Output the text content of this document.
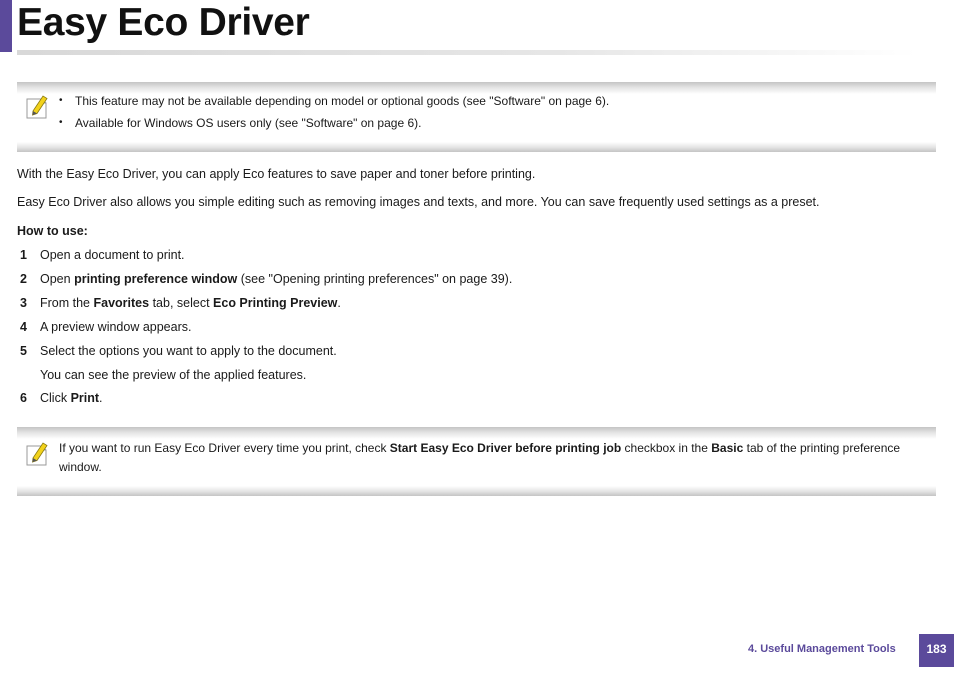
Easy Eco Driver
• This feature may not be available depending on model or optional goods (see "Software" on page 6).
• Available for Windows OS users only (see "Software" on page 6).

With the Easy Eco Driver, you can apply Eco features to save paper and toner before printing.

Easy Eco Driver also allows you simple editing such as removing images and texts, and more. You can save frequently used settings as a preset.

How to use:

1 Open a document to print.
2 Open printing preference window (see "Opening printing preferences" on page 39).
3 From the Favorites tab, select Eco Printing Preview.
4 A preview window appears.
5 Select the options you want to apply to the document.
You can see the preview of the applied features.
6 Click Print.

If you want to run Easy Eco Driver every time you print, check Start Easy Eco Driver before printing job checkbox in the Basic tab of the printing preference window.

4. Useful Management Tools	183
